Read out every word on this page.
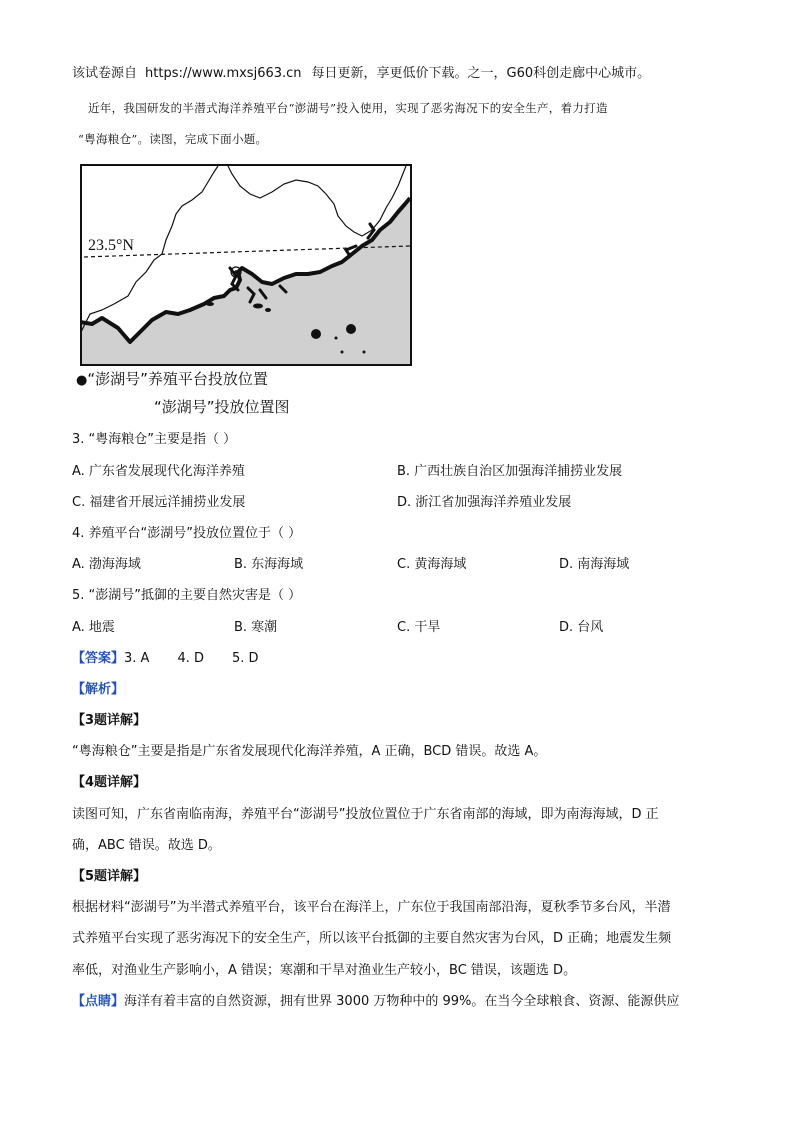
该试卷源自 https://www.mxsj663.cn 每日更新，享更低价下载。之一，G60科创走廊中心城市。
近年，我国研发的半潜式海洋养殖平台“澎湖号”投入使用，实现了恶劣海况下的安全生产，着力打造
“粤海粮仓”。读图，完成下面小题。
23.5°N
●“澎湖号”养殖平台投放位置
“澎湖号”投放位置图
3. “粤海粮仓”主要是指（ ）
A. 广东省发展现代化海洋养殖	B. 广西壮族自治区加强海洋捕捞业发展
C. 福建省开展远洋捕捞业发展	D. 浙江省加强海洋养殖业发展
4. 养殖平台“澎湖号”投放位置位于（ ）
A. 渤海海域	B. 东海海域	C. 黄海海域	D. 南海海域
5. “澎湖号”抵御的主要自然灾害是（ ）
A. 地震	B. 寒潮	C. 干旱	D. 台风
【答案】3. A 4. D 5. D
【解析】
【3题详解】
“粤海粮仓”主要是指是广东省发展现代化海洋养殖，A 正确，BCD 错误。故选 A。
【4题详解】
读图可知，广东省南临南海，养殖平台“澎湖号”投放位置位于广东省南部的海域，即为南海海域，D 正
确，ABC 错误。故选 D。
【5题详解】
根据材料“澎湖号”为半潜式养殖平台，该平台在海洋上，广东位于我国南部沿海，夏秋季节多台风，半潜
式养殖平台实现了恶劣海况下的安全生产，所以该平台抵御的主要自然灾害为台风，D 正确；地震发生频
率低，对渔业生产影响小，A 错误；寒潮和干旱对渔业生产较小，BC 错误，该题选 D。
【点睛】海洋有着丰富的自然资源，拥有世界 3000 万物种中的 99%。在当今全球粮食、资源、能源供应
